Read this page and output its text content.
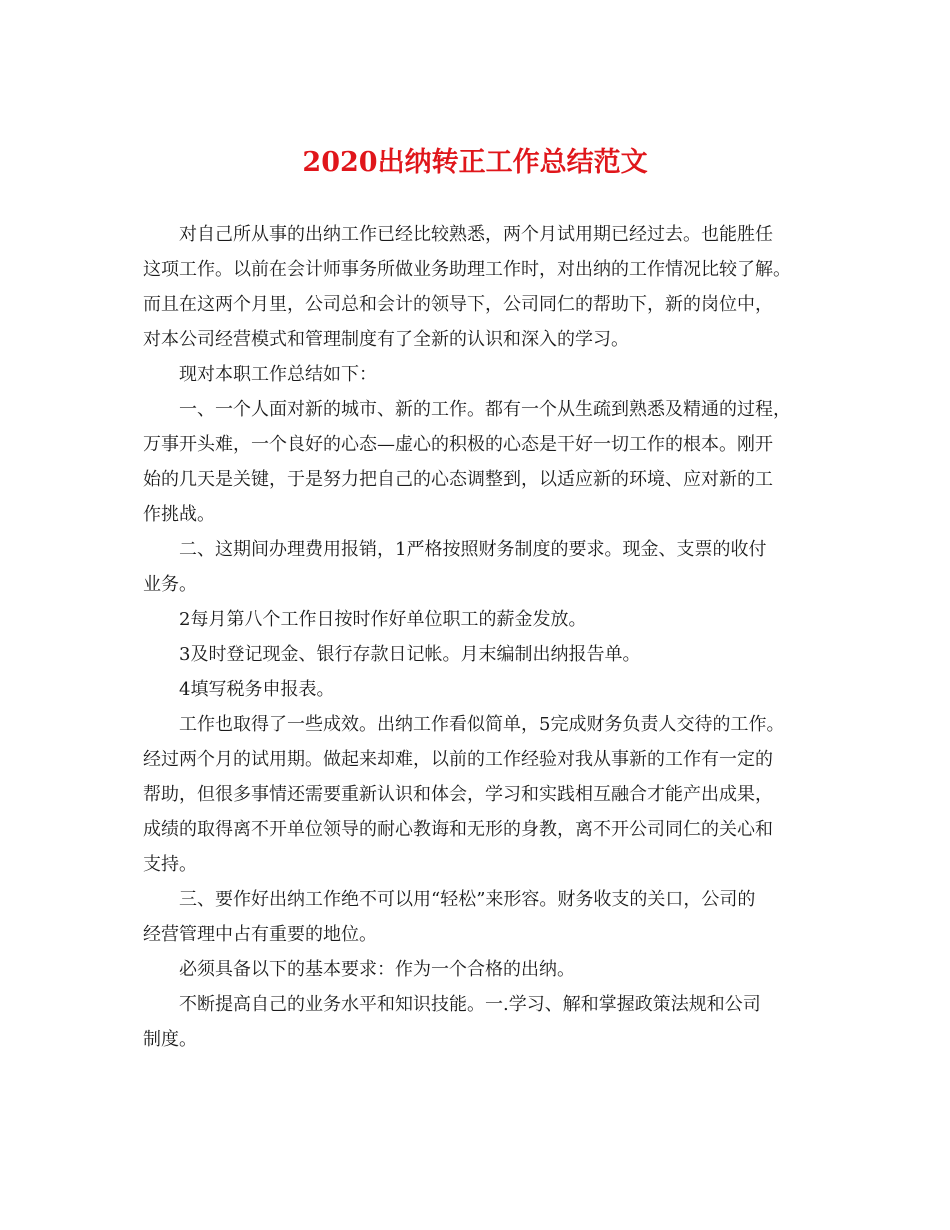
2020出纳转正工作总结范文
对自己所从事的出纳工作已经比较熟悉，两个月试用期已经过去。也能胜任
这项工作。以前在会计师事务所做业务助理工作时，对出纳的工作情况比较了解。
而且在这两个月里，公司总和会计的领导下，公司同仁的帮助下，新的岗位中，
对本公司经营模式和管理制度有了全新的认识和深入的学习。
现对本职工作总结如下：
一、一个人面对新的城市、新的工作。都有一个从生疏到熟悉及精通的过程，
万事开头难，一个良好的心态—虚心的积极的心态是干好一切工作的根本。刚开
始的几天是关键，于是努力把自己的心态调整到，以适应新的环境、应对新的工
作挑战。
二、这期间办理费用报销，1严格按照财务制度的要求。现金、支票的收付
业务。
2每月第八个工作日按时作好单位职工的薪金发放。
3及时登记现金、银行存款日记帐。月末编制出纳报告单。
4填写税务申报表。
工作也取得了一些成效。出纳工作看似简单，5完成财务负责人交待的工作。
经过两个月的试用期。做起来却难，以前的工作经验对我从事新的工作有一定的
帮助，但很多事情还需要重新认识和体会，学习和实践相互融合才能产出成果，
成绩的取得离不开单位领导的耐心教诲和无形的身教，离不开公司同仁的关心和
支持。
三、要作好出纳工作绝不可以用“轻松”来形容。财务收支的关口，公司的
经营管理中占有重要的地位。
必须具备以下的基本要求：作为一个合格的出纳。
不断提高自己的业务水平和知识技能。一.学习、解和掌握政策法规和公司
制度。
